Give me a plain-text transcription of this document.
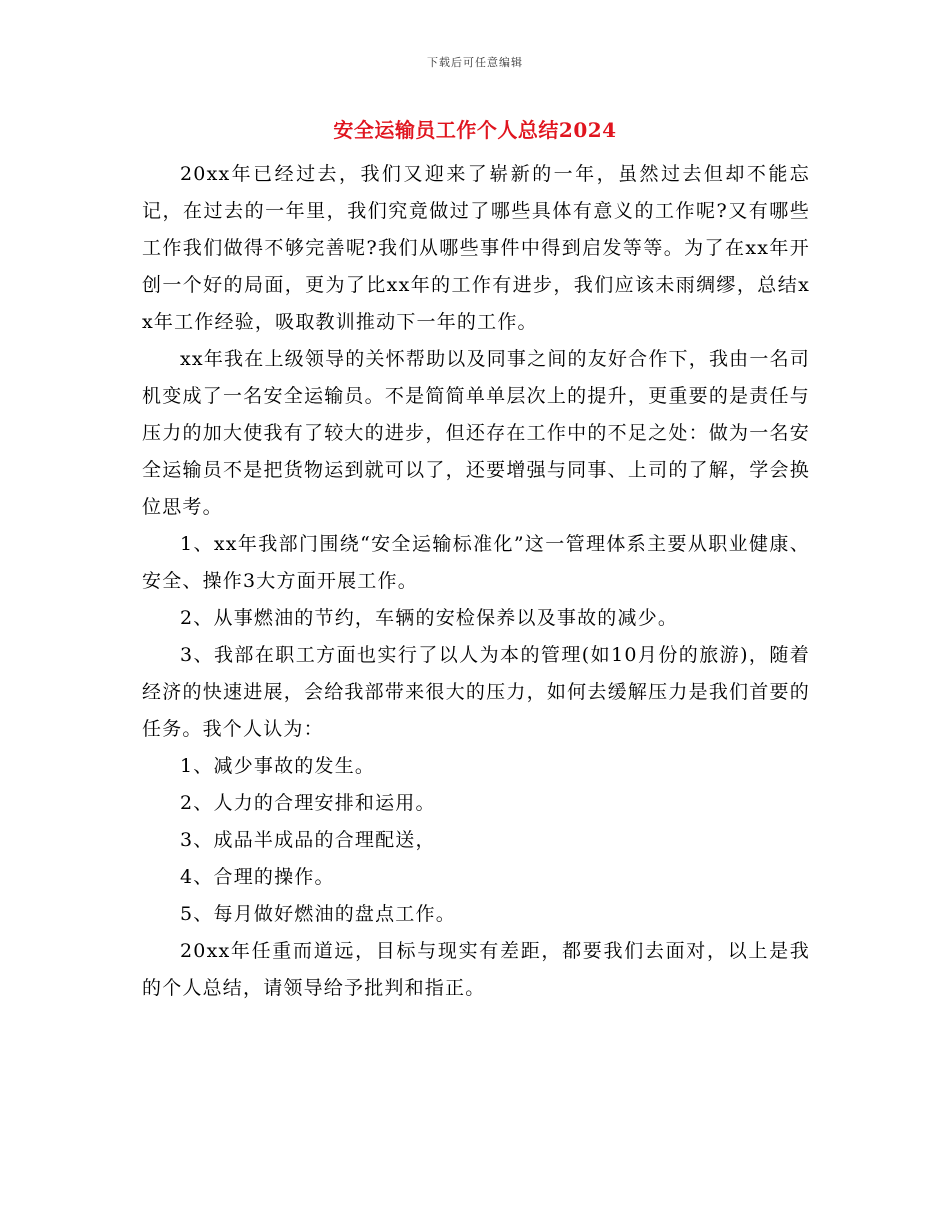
下载后可任意编辑
安全运输员工作个人总结2024

20xx年已经过去，我们又迎来了崭新的一年，虽然过去但却不能忘记，在过去的一年里，我们究竟做过了哪些具体有意义的工作呢?又有哪些工作我们做得不够完善呢?我们从哪些事件中得到启发等等。为了在xx年开创一个好的局面，更为了比xx年的工作有进步，我们应该未雨绸缪，总结xx年工作经验，吸取教训推动下一年的工作。

xx年我在上级领导的关怀帮助以及同事之间的友好合作下，我由一名司机变成了一名安全运输员。不是简简单单层次上的提升，更重要的是责任与压力的加大使我有了较大的进步，但还存在工作中的不足之处：做为一名安全运输员不是把货物运到就可以了，还要增强与同事、上司的了解，学会换位思考。

1、xx年我部门围绕“安全运输标准化”这一管理体系主要从职业健康、安全、操作3大方面开展工作。

2、从事燃油的节约，车辆的安检保养以及事故的减少。

3、我部在职工方面也实行了以人为本的管理(如10月份的旅游)，随着经济的快速进展，会给我部带来很大的压力，如何去缓解压力是我们首要的任务。我个人认为：

1、减少事故的发生。

2、人力的合理安排和运用。

3、成品半成品的合理配送，

4、合理的操作。

5、每月做好燃油的盘点工作。

20xx年任重而道远，目标与现实有差距，都要我们去面对，以上是我的个人总结，请领导给予批判和指正。
